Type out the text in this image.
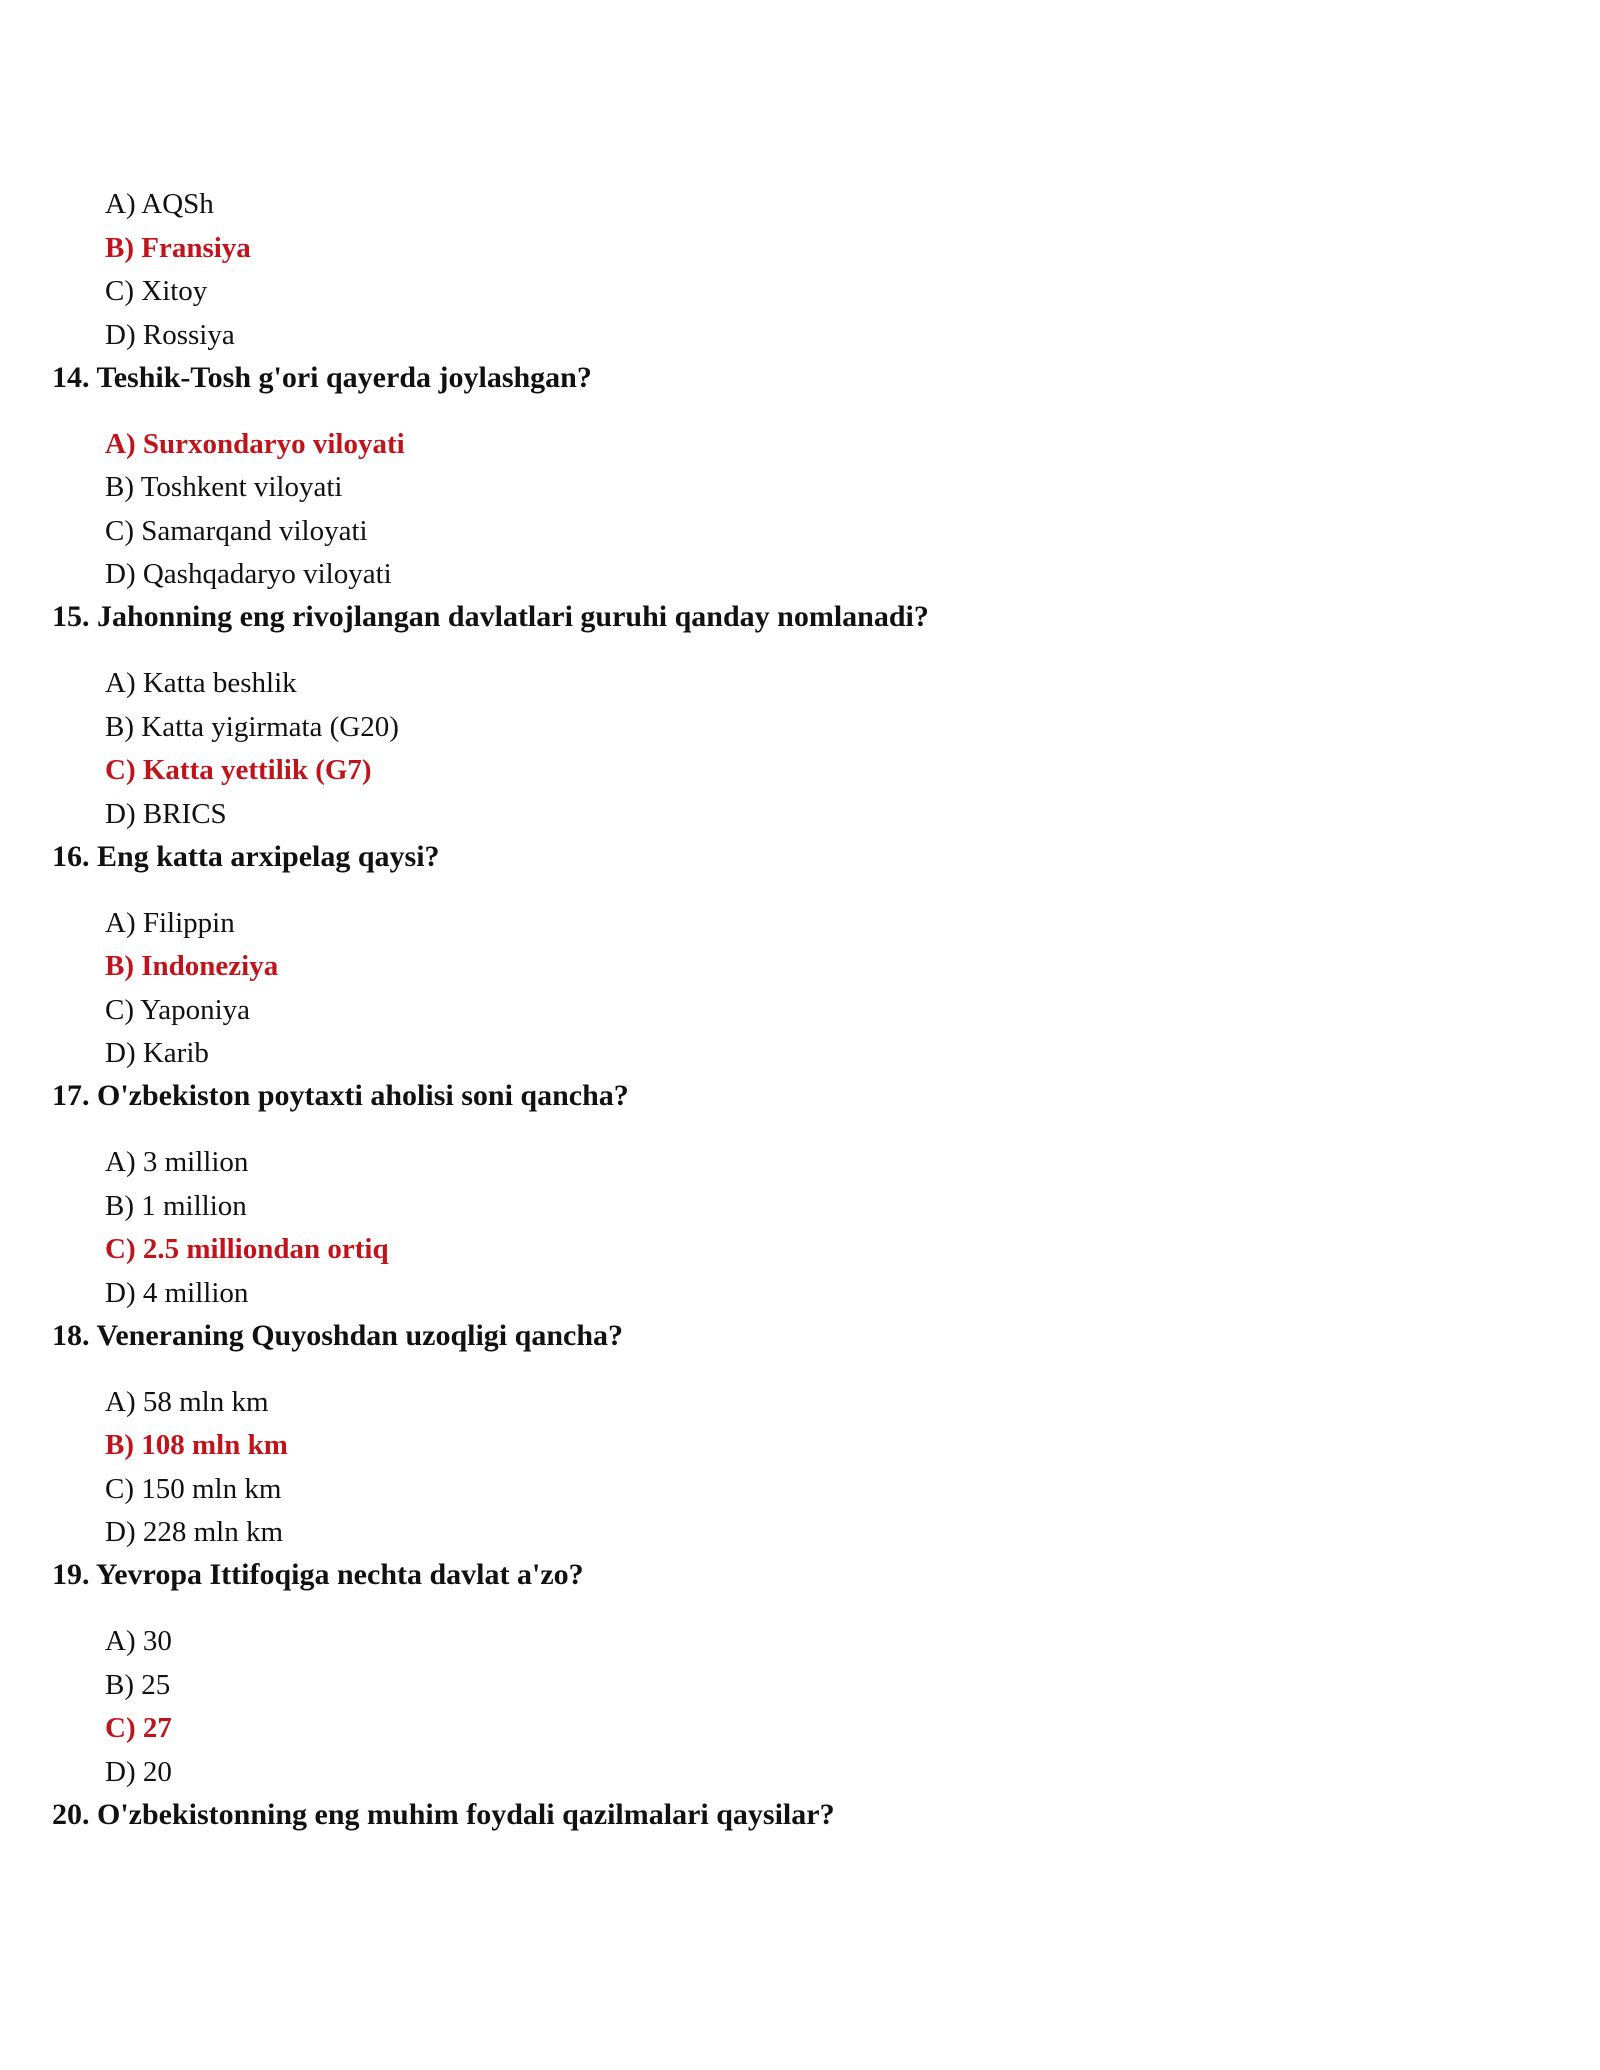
A) AQSh
B) Fransiya
C) Xitoy
D) Rossiya
14. Teshik-Tosh g'ori qayerda joylashgan?
A) Surxondaryo viloyati
B) Toshkent viloyati
C) Samarqand viloyati
D) Qashqadaryo viloyati
15. Jahonning eng rivojlangan davlatlari guruhi qanday nomlanadi?
A) Katta beshlik
B) Katta yigirmata (G20)
C) Katta yettilik (G7)
D) BRICS
16. Eng katta arxipelag qaysi?
A) Filippin
B) Indoneziya
C) Yaponiya
D) Karib
17. O'zbekiston poytaxti aholisi soni qancha?
A) 3 million
B) 1 million
C) 2.5 milliondan ortiq
D) 4 million
18. Veneraning Quyoshdan uzoqligi qancha?
A) 58 mln km
B) 108 mln km
C) 150 mln km
D) 228 mln km
19. Yevropa Ittifoqiga nechta davlat a'zo?
A) 30
B) 25
C) 27
D) 20
20. O'zbekistonning eng muhim foydali qazilmalari qaysilar?
